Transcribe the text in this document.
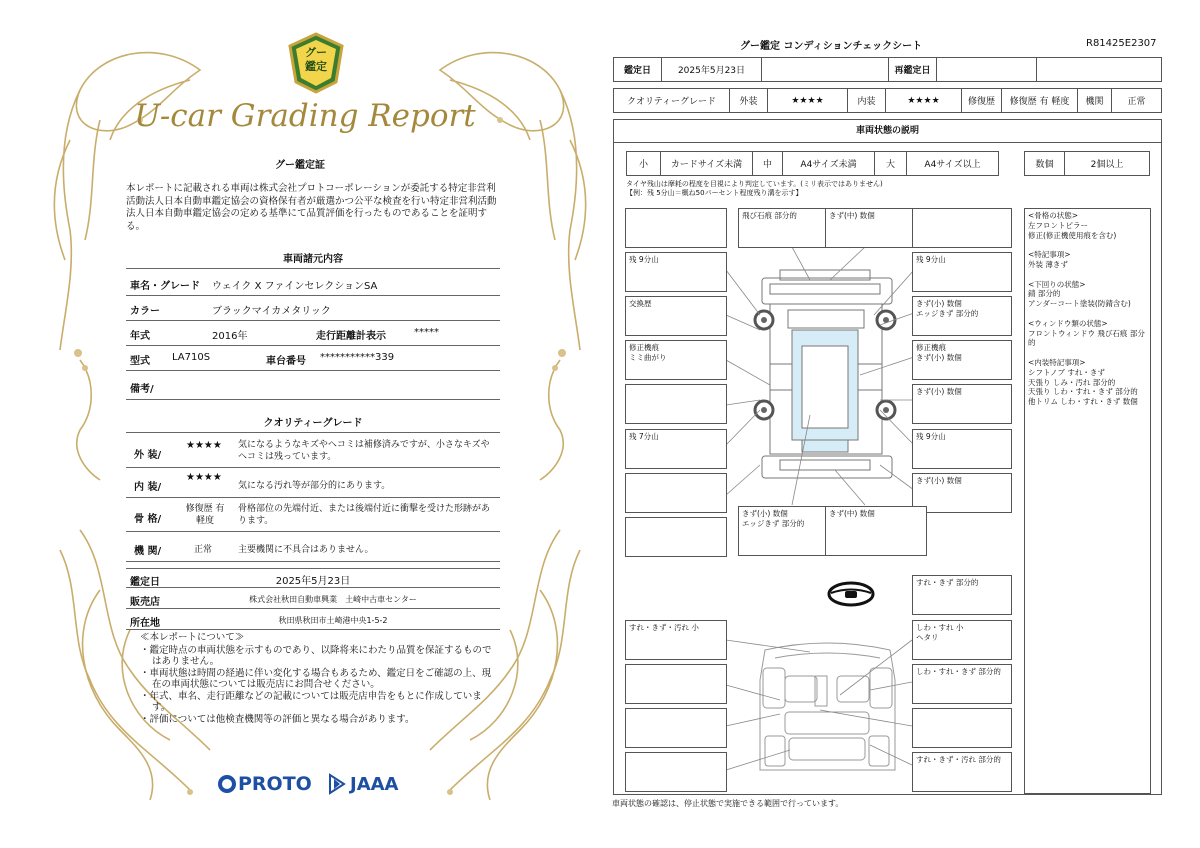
グー
鑑定
U-car Grading Report
グー鑑定証
本レポートに記載される車両は株式会社プロトコーポレーションが委託する特定非営利活動法人日本自動車鑑定協会の資格保有者が厳選かつ公平な検査を行い特定非営利活動法人日本自動車鑑定協会の定める基準にて品質評価を行ったものであることを証明する。
車両諸元内容
車名・グレード ウェイク X ファインセレクションSA
カラー	ブラックマイカメタリック
年式	2016年	走行距離計表示	*****
型式 LA710S	車台番号 ***********339
備考/
クオリティーグレード
外 装/
★★★★ 気になるようなキズやヘコミは補修済みですが、小さなキズやヘコミは残っています。
内 装/
★★★★
気になる汚れ等が部分的にあります。
骨 格/
修復歴 有 軽度
骨格部位の先端付近、または後端付近に衝撃を受けた形跡があります。
機 関/	正常	主要機関に不具合はありません。
鑑定日	2025年5月23日
販売店	株式会社秋田自動車興業　土崎中古車センター
所在地	秋田県秋田市土崎港中央1-5-2
≪本レポートについて≫
・鑑定時点の車両状態を示すものであり、以降将来にわたり品質を保証するものではありません。
・車両状態は時間の経過に伴い変化する場合もあるため、鑑定日をご確認の上、現在の車両状態については販売店にお問合せください。
・年式、車名、走行距離などの記載については販売店申告をもとに作成しています。
・評価については他検査機関等の評価と異なる場合があります。
PROTO JAAA
グー鑑定 コンディションチェックシート	R81425E2307
鑑定日	2025年5月23日		再鑑定日		
クオリティーグレード	外装	★★★★	内装	★★★★	修復歴	修復歴 有 軽度	機関	正常
車両状態の説明
小	カードサイズ未満	中	A4サイズ未満	大	A4サイズ以上	数個	2個以上
タイヤ残山は摩耗の程度を目視により判定しています。(ミリ表示ではありません)
【例：残 5分山＝概ね50パーセント程度残り溝を示す】
飛び石痕 部分的	きず(中) 数個
残 9分山	残 9分山
交換歴	きず(小) 数個
エッジきず 部分的
修正機痕
ミミ曲がり
修正機痕
きず(小) 数個
きず(小) 数個
残 7分山	残 9分山
きず(小) 数個
きず(小) 数個
エッジきず 部分的
きず(中) 数個
すれ・きず 部分的
すれ・きず・汚れ 小	しわ・すれ 小
ヘタリ
しわ・すれ・きず 部分的
すれ・きず・汚れ 部分的
<骨格の状態>
左フロントピラー
修正(修正機使用痕を含む)
<特記事項>
外装 薄きず
<下回りの状態>
錆 部分的
アンダーコート塗装(防錆含む)
<ウィンドウ類の状態>
フロントウィンドウ 飛び石痕 部分的
<内装特記事項>
シフトノブ すれ・きず
天張り しみ・汚れ 部分的
天張り しわ・すれ・きず 部分的
他トリム しわ・すれ・きず 数個
車両状態の確認は、停止状態で実施できる範囲で行っています。
